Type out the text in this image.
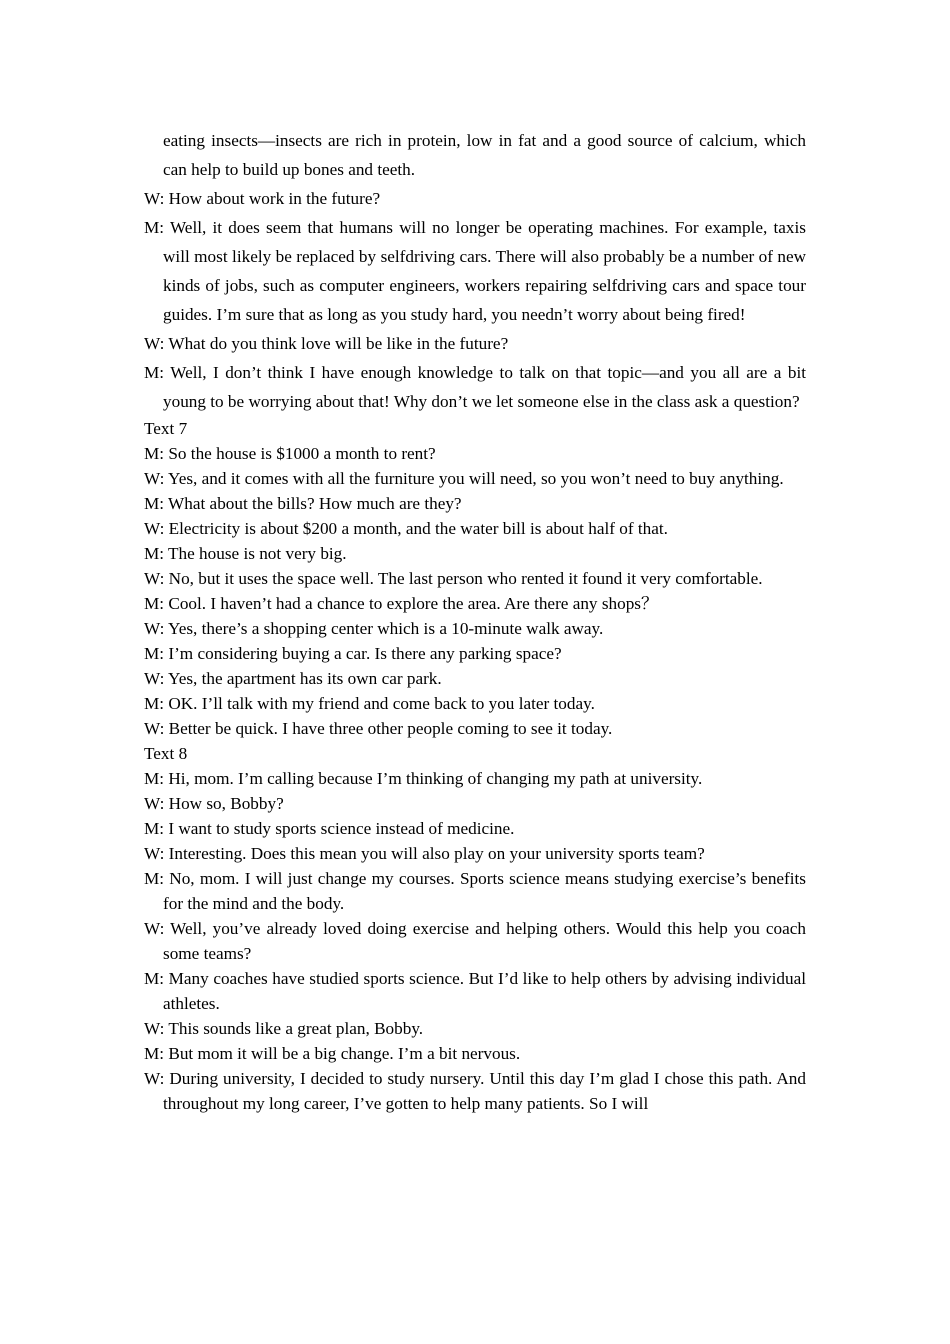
eating insects—insects are rich in protein, low in fat and a good source of calcium, which can help to build up bones and teeth.

W: How about work in the future?

M: Well, it does seem that humans will no longer be operating machines. For example, taxis will most likely be replaced by selfdriving cars. There will also probably be a number of new kinds of jobs, such as computer engineers, workers repairing selfdriving cars and space tour guides. I’m sure that as long as you study hard, you needn’t worry about being fired!

W: What do you think love will be like in the future?

M: Well, I don’t think I have enough knowledge to talk on that topic—and you all are a bit young to be worrying about that! Why don’t we let someone else in the class ask a question?

Text 7

M: So the house is $1000 a month to rent?

W: Yes, and it comes with all the furniture you will need, so you won’t need to buy anything.

M: What about the bills? How much are they?

W: Electricity is about $200 a month, and the water bill is about half of that.

M: The house is not very big.

W: No, but it uses the space well. The last person who rented it found it very comfortable.

M: Cool. I haven’t had a chance to explore the area. Are there any shops？

W: Yes, there’s a shopping center which is a 10-minute walk away.

M: I’m considering buying a car. Is there any parking space?

W: Yes, the apartment has its own car park.

M: OK. I’ll talk with my friend and come back to you later today.

W: Better be quick. I have three other people coming to see it today.

Text 8

M: Hi, mom. I’m calling because I’m thinking of changing my path at university.

W: How so, Bobby?

M: I want to study sports science instead of medicine.

W: Interesting. Does this mean you will also play on your university sports team?

M: No, mom. I will just change my courses. Sports science means studying exercise’s benefits for the mind and the body.

W: Well, you’ve already loved doing exercise and helping others. Would this help you coach some teams?

M: Many coaches have studied sports science. But I’d like to help others by advising individual athletes.

W: This sounds like a great plan, Bobby.

M: But mom it will be a big change. I’m a bit nervous.

W: During university, I decided to study nursery. Until this day I’m glad I chose this path. And throughout my long career, I’ve gotten to help many patients. So I will
